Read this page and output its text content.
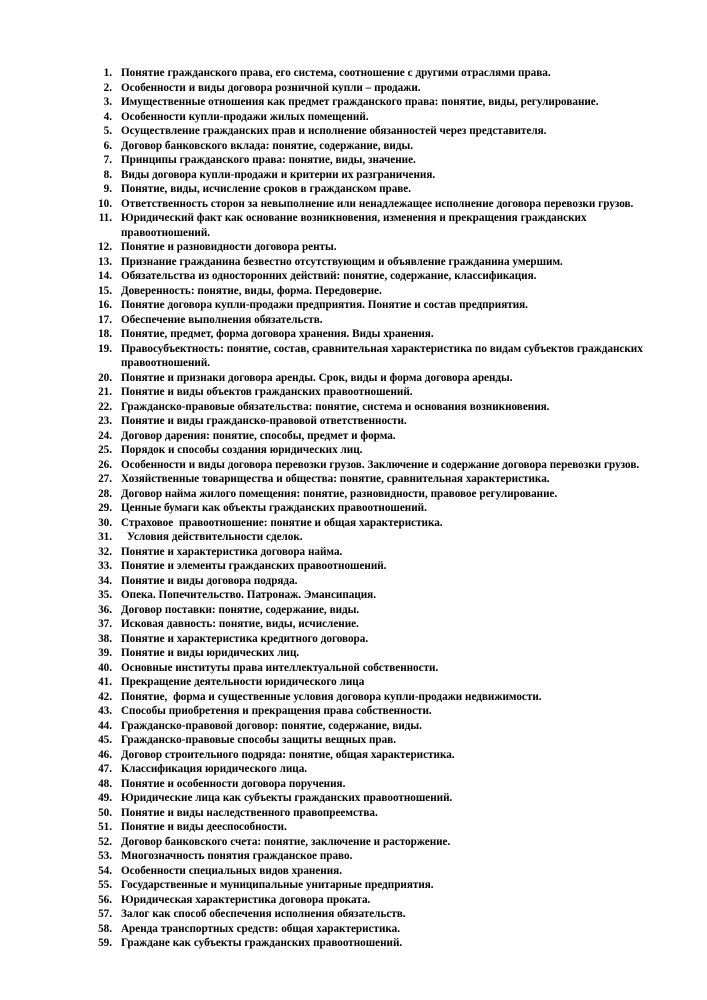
1. Понятие гражданского права, его система, соотношение с другими отраслями права.
2. Особенности и виды договора розничной купли – продажи.
3. Имущественные отношения как предмет гражданского права: понятие, виды, регулирование.
4. Особенности купли-продажи жилых помещений.
5. Осуществление гражданских прав и исполнение обязанностей через представителя.
6. Договор банковского вклада: понятие, содержание, виды.
7. Принципы гражданского права: понятие, виды, значение.
8. Виды договора купли-продажи и критерии их разграничения.
9. Понятие, виды, исчисление сроков в гражданском праве.
10. Ответственность сторон за невыполнение или ненадлежащее исполнение договора перевозки грузов.
11. Юридический факт как основание возникновения, изменения и прекращения гражданских правоотношений.
12. Понятие и разновидности договора ренты.
13. Признание гражданина безвестно отсутствующим и объявление гражданина умершим.
14. Обязательства из односторонних действий: понятие, содержание, классификация.
15. Доверенность: понятие, виды, форма. Передоверие.
16. Понятие договора купли-продажи предприятия. Понятие и состав предприятия.
17. Обеспечение выполнения обязательств.
18. Понятие, предмет, форма договора хранения. Виды хранения.
19. Правосубъектность: понятие, состав, сравнительная характеристика по видам субъектов гражданских правоотношений.
20. Понятие и признаки договора аренды. Срок, виды и форма договора аренды.
21. Понятие и виды объектов гражданских правоотношений.
22. Гражданско-правовые обязательства: понятие, система и основания возникновения.
23. Понятие и виды гражданско-правовой ответственности.
24. Договор дарения: понятие, способы, предмет и форма.
25. Порядок и способы создания юридических лиц.
26. Особенности и виды договора перевозки грузов. Заключение и содержание договора перевозки грузов.
27. Хозяйственные товарищества и общества: понятие, сравнительная характеристика.
28. Договор найма жилого помещения: понятие, разновидности, правовое регулирование.
29. Ценные бумаги как объекты гражданских правоотношений.
30. Страховое  правоотношение: понятие и общая характеристика.
31.	Условия действительности сделок.
32. Понятие и характеристика договора найма.
33. Понятие и элементы гражданских правоотношений.
34. Понятие и виды договора подряда.
35. Опека. Попечительство. Патронаж. Эмансипация.
36. Договор поставки: понятие, содержание, виды.
37. Исковая давность: понятие, виды, исчисление.
38. Понятие и характеристика кредитного договора.
39. Понятие и виды юридических лиц.
40. Основные институты права интеллектуальной собственности.
41. Прекращение деятельности юридического лица
42. Понятие,  форма и существенные условия договора купли-продажи недвижимости.
43. Способы приобретения и прекращения права собственности.
44. Гражданско-правовой договор: понятие, содержание, виды.
45. Гражданско-правовые способы защиты вещных прав.
46. Договор строительного подряда: понятие, общая характеристика.
47. Классификация юридического лица.
48. Понятие и особенности договора поручения.
49. Юридические лица как субъекты гражданских правоотношений.
50. Понятие и виды наследственного правопреемства.
51. Понятие и виды дееспособности.
52. Договор банковского счета: понятие, заключение и расторжение.
53. Многозначность понятия гражданское право.
54. Особенности специальных видов хранения.
55. Государственные и муниципальные унитарные предприятия.
56. Юридическая характеристика договора проката.
57. Залог как способ обеспечения исполнения обязательств.
58. Аренда транспортных средств: общая характеристика.
59. Граждане как субъекты гражданских правоотношений.
